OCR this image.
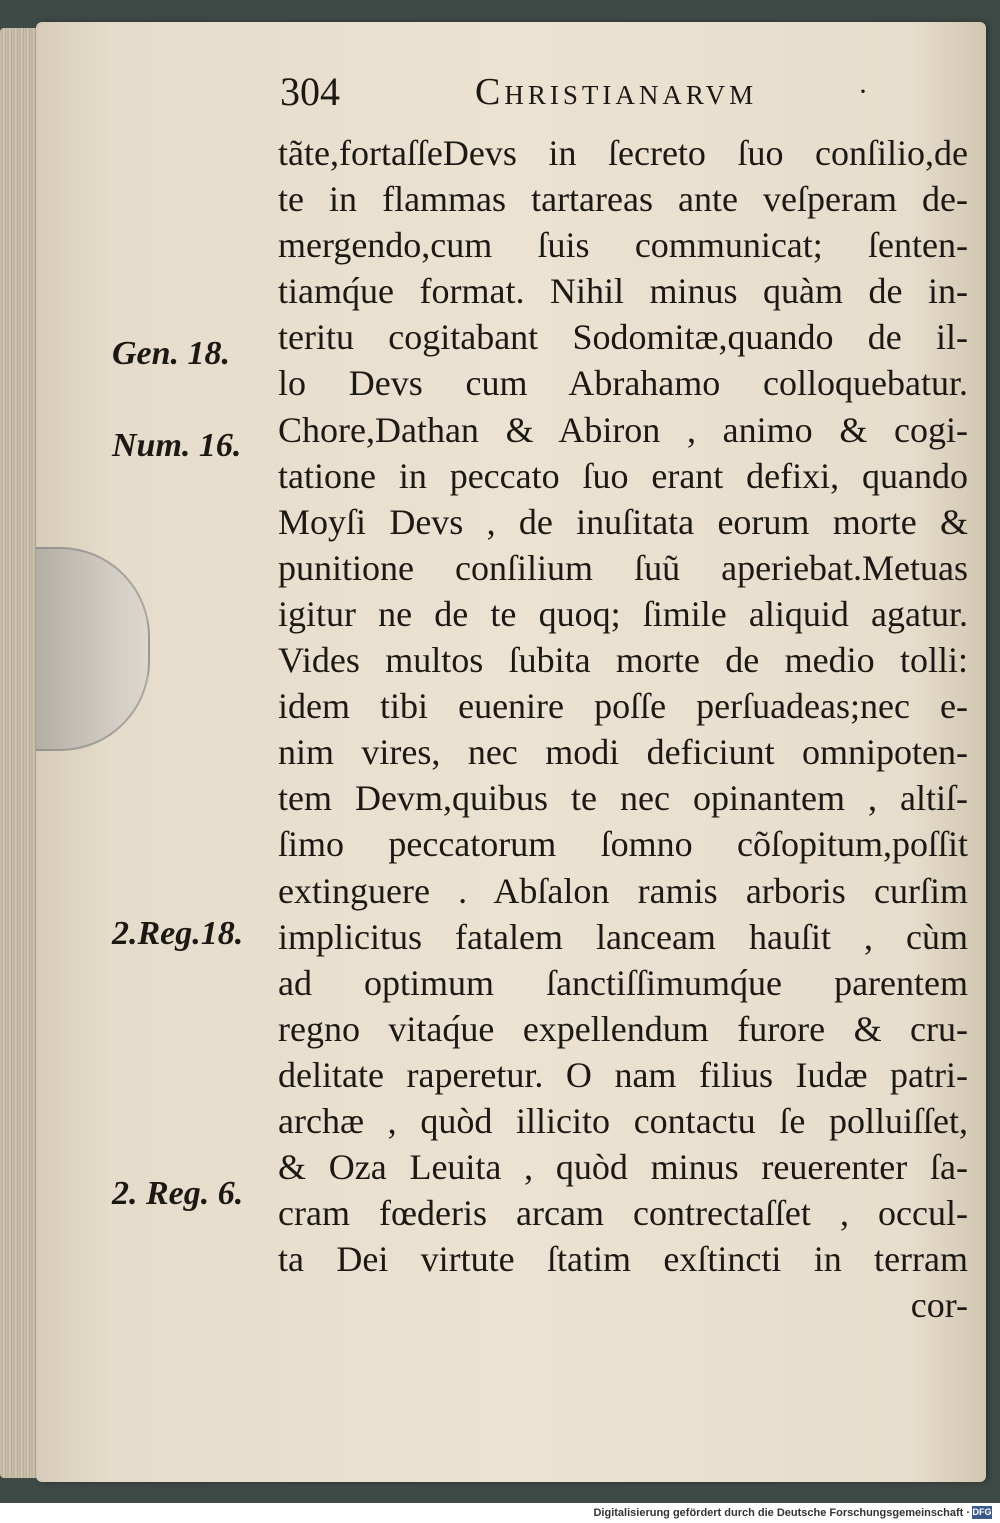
304	Christianarvm	·
Gen. 18.
Num. 16.
2.Reg.18.
2. Reg. 6.
tãte,fortaſſeDevs in ſecreto ſuo conſilio,de
te in flammas tartareas ante veſperam de-
mergendo,cum ſuis communicat; ſenten-
tiamq́ue format. Nihil minus quàm de in-
teritu cogitabant Sodomitæ,quando de il-
lo Devs cum Abrahamo colloquebatur.
Chore,Dathan & Abiron , animo & cogi-
tatione in peccato ſuo erant defixi, quando
Moyſi Devs , de inuſitata eorum morte &
punitione conſilium ſuũ aperiebat.Metuas
igitur ne de te quoq; ſimile aliquid agatur.
Vides multos ſubita morte de medio tolli:
idem tibi euenire poſſe perſuadeas;nec e-
nim vires, nec modi deficiunt omnipoten-
tem Devm,quibus te nec opinantem , altiſ-
ſimo peccatorum ſomno cõſopitum,poſſit
extinguere . Abſalon ramis arboris curſim
implicitus fatalem lanceam hauſit , cùm
ad optimum ſanctiſſimumq́ue parentem
regno vitaq́ue expellendum furore & cru-
delitate raperetur. O nam filius Iudæ patri-
archæ , quòd illicito contactu ſe polluiſſet,
& Oza Leuita , quòd minus reuerenter ſa-
cram fœderis arcam contrectaſſet , occul-
ta Dei virtute ſtatim exſtincti in terram
cor-
Digitalisierung gefördert durch die Deutsche Forschungsgemeinschaft · DFG
